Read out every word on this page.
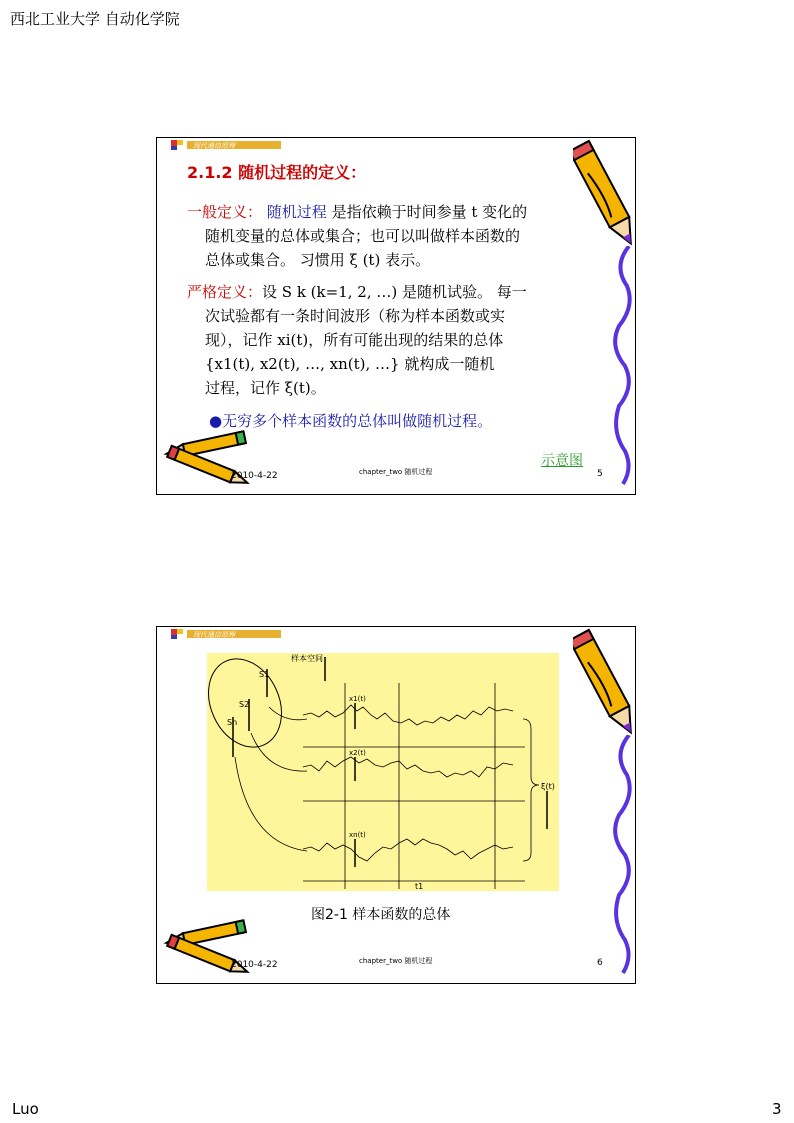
西北工业大学 自动化学院
现代通信原理
2.1.2 随机过程的定义：
一般定义： 随机过程 是指依赖于时间参量 t 变化的
随机变量的总体或集合；也可以叫做样本函数的
总体或集合。 习惯用 ξ (t) 表示。
严格定义：设 S k (k=1, 2, …) 是随机试验。 每一
次试验都有一条时间波形（称为样本函数或实
现），记作 xi(t)，所有可能出现的结果的总体
{x1(t), x2(t), …, xn(t), …} 就构成一随机
过程，记作 ξ(t)。
●无穷多个样本函数的总体叫做随机过程。
示意图
2010-4-22	chapter_two 随机过程	5
现代通信原理
样本空间
S1
S2
Sn
x1(t)
x2(t)
xn(t)
ξ(t)
t1
图2-1 样本函数的总体
2010-4-22	chapter_two 随机过程	6
Luo	3
